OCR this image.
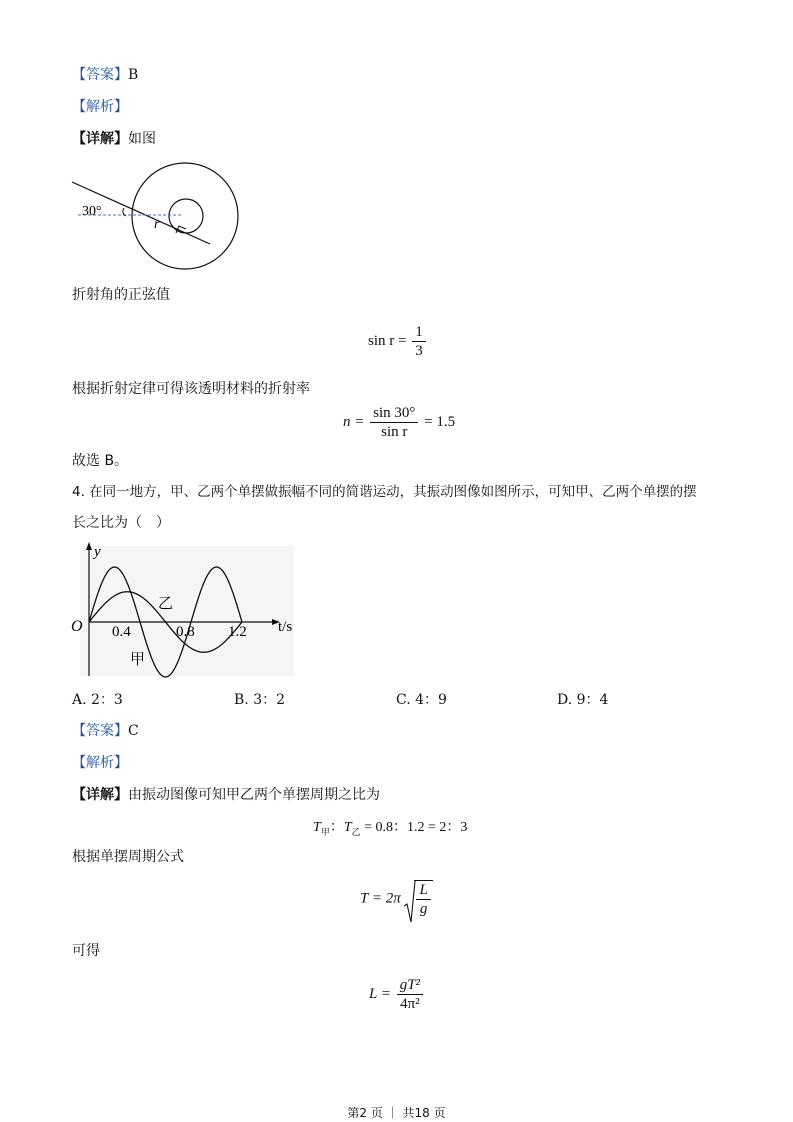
【答案】B
【解析】
【详解】如图
30°
r
折射角的正弦值
$\sin r = \frac{1}{3}$
根据折射定律可得该透明材料的折射率
$n = \frac{\sin 30^\circ}{\text{sin r}} = 1.5$
故选 B。
4. 在同一地方，甲、乙两个单摆做振幅不同的简谐运动，其振动图像如图所示，可知甲、乙两个单摆的摆
长之比为（　）
y
O	t/s
0.4	0.8 1.2
乙
甲
A. 2：3	B. 3：2	C. 4：9	D. 9：4
【答案】C
【解析】
【详解】由振动图像可知甲乙两个单摆周期之比为
$T_甲$：$T_乙 = 0.8$：1.2 = 2：3
根据单摆周期公式
$T = 2\pi \frac{L}{g}$
可得
$L = \frac{\text{gT²}}{\text{4π²}}$
第2 页 ｜ 共18 页
